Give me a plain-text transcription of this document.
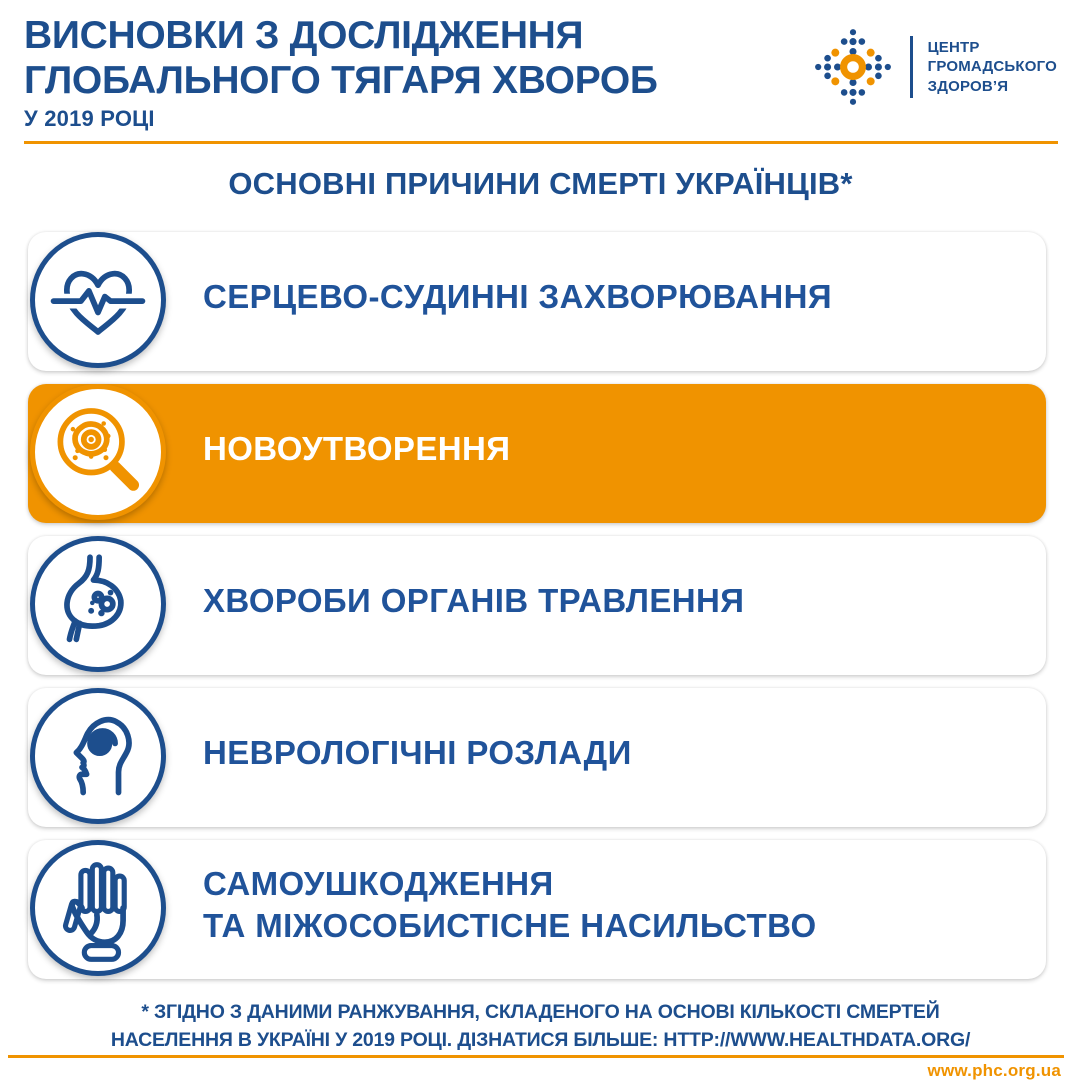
ВИСНОВКИ З ДОСЛІДЖЕННЯ
ГЛОБАЛЬНОГО ТЯГАРЯ ХВОРОБ
У 2019 РОЦІ
ЦЕНТР
ГРОМАДСЬКОГО
ЗДОРОВ’Я
ОСНОВНІ ПРИЧИНИ СМЕРТІ УКРАЇНЦІВ*
СЕРЦЕВО-СУДИННІ ЗАХВОРЮВАННЯ
НОВОУТВОРЕННЯ
ХВОРОБИ ОРГАНІВ ТРАВЛЕННЯ
НЕВРОЛОГІЧНІ РОЗЛАДИ
САМОУШКОДЖЕННЯ
ТА МІЖОСОБИСТІСНЕ НАСИЛЬСТВО
* ЗГІДНО З ДАНИМИ РАНЖУВАННЯ, СКЛАДЕНОГО НА ОСНОВІ КІЛЬКОСТІ СМЕРТЕЙ
НАСЕЛЕННЯ В УКРАЇНІ У 2019 РОЦІ. ДІЗНАТИСЯ БІЛЬШЕ: HTTP://WWW.HEALTHDATA.ORG/
www.phc.org.ua
